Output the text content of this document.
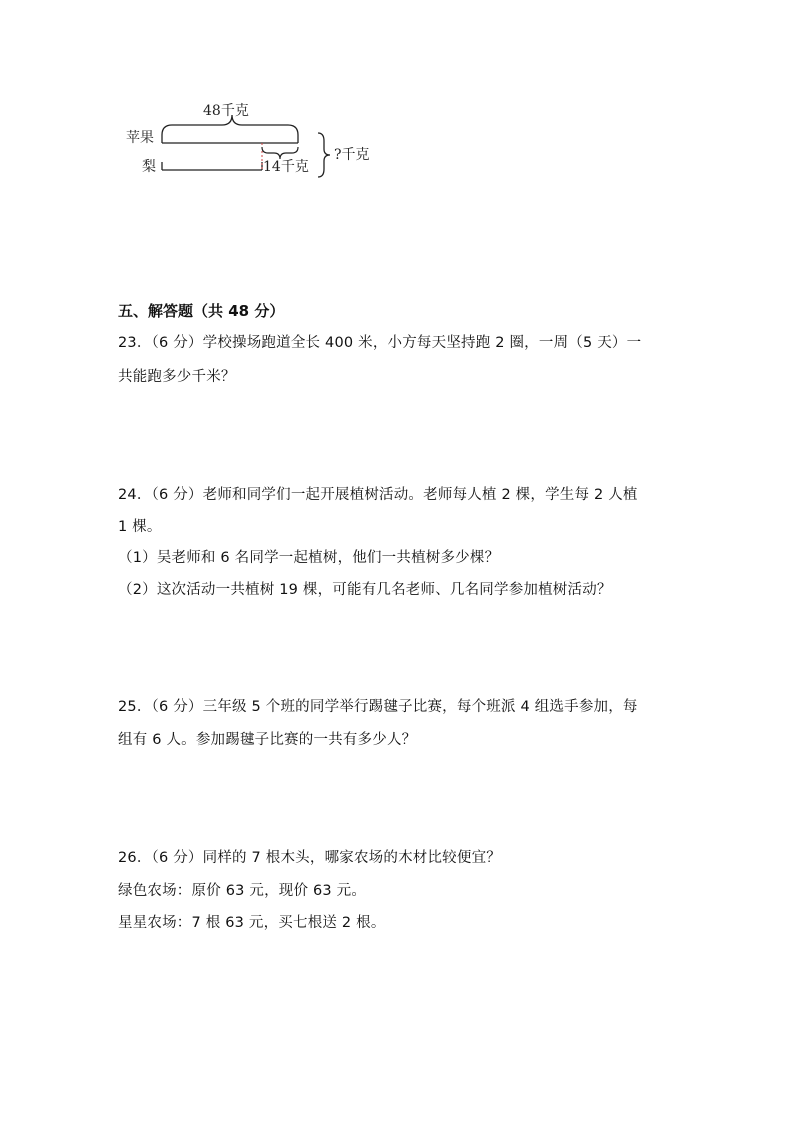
48千克
苹果
梨	14千克
?千克
五、解答题（共 48 分）
23．（6 分）学校操场跑道全长 400 米，小方每天坚持跑 2 圈，一周（5 天）一
共能跑多少千米？
24．（6 分）老师和同学们一起开展植树活动。老师每人植 2 棵，学生每 2 人植
1 棵。
（1）吴老师和 6 名同学一起植树，他们一共植树多少棵？
（2）这次活动一共植树 19 棵，可能有几名老师、几名同学参加植树活动？
25．（6 分）三年级 5 个班的同学举行踢毽子比赛，每个班派 4 组选手参加，每
组有 6 人。参加踢毽子比赛的一共有多少人？
26．（6 分）同样的 7 根木头，哪家农场的木材比较便宜？
绿色农场：原价 63 元，现价 63 元。
星星农场：7 根 63 元，买七根送 2 根。
